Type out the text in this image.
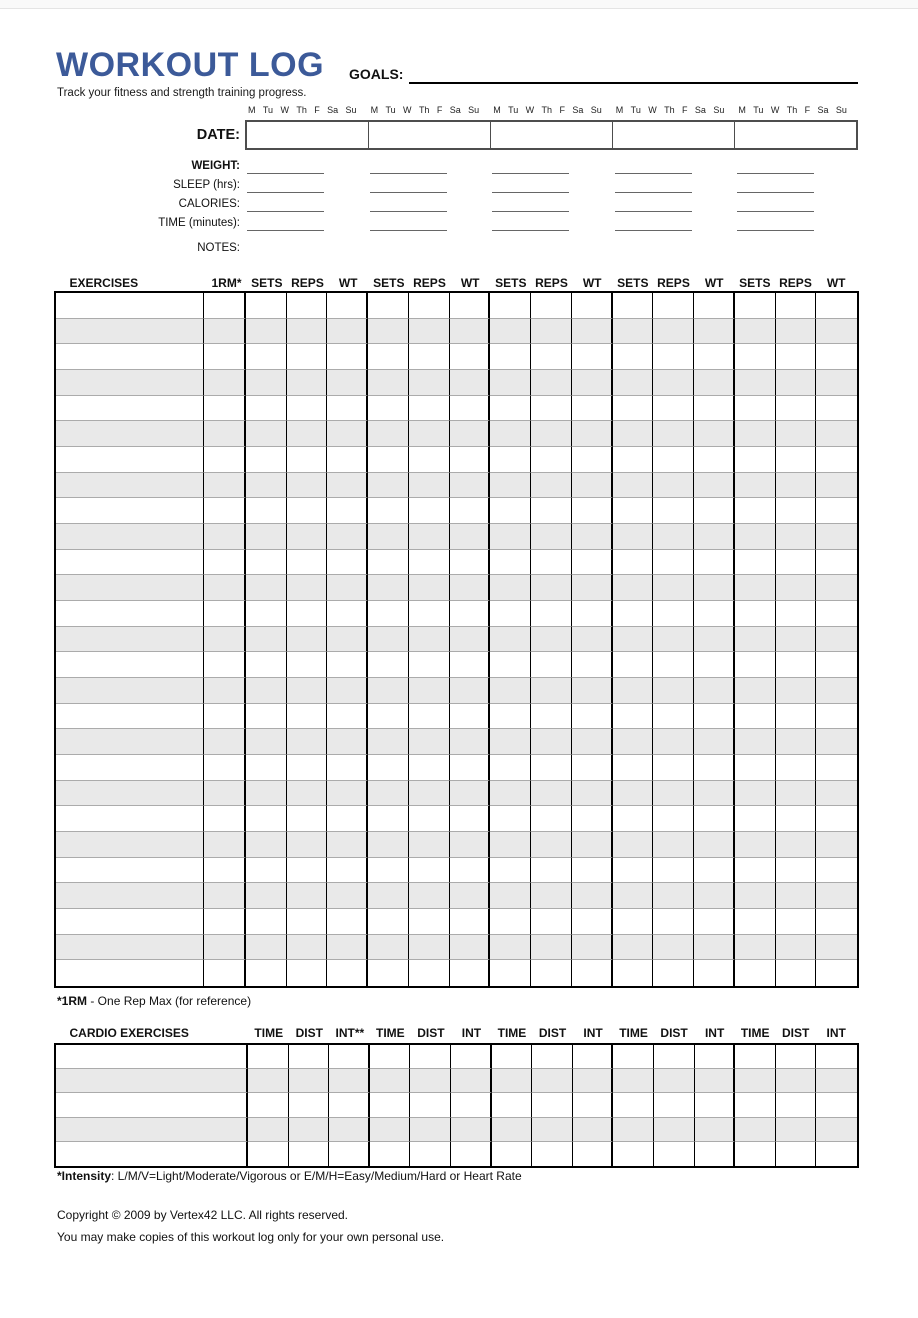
WORKOUT LOG
Track your fitness and strength training progress.
GOALS:
M Tu W Th F Sa Su M Tu W Th F Sa Su M Tu W Th F Sa Su M Tu W Th F Sa Su M Tu W Th F Sa Su
DATE:
WEIGHT:
SLEEP (hrs):
CALORIES:
TIME (minutes):
NOTES:
EXERCISES	1RM* SETS REPS	WT	SETS REPS	WT	SETS REPS	WT	SETS REPS	WT	SETS REPS	WT
*1RM - One Rep Max (for reference)
CARDIO EXERCISES	TIME	DIST	INT** TIME	DIST	INT	TIME	DIST	INT	TIME	DIST	INT	TIME	DIST	INT
*Intensity: L/M/V=Light/Moderate/Vigorous or E/M/H=Easy/Medium/Hard or Heart Rate
Copyright © 2009 by Vertex42 LLC. All rights reserved.
You may make copies of this workout log only for your own personal use.
